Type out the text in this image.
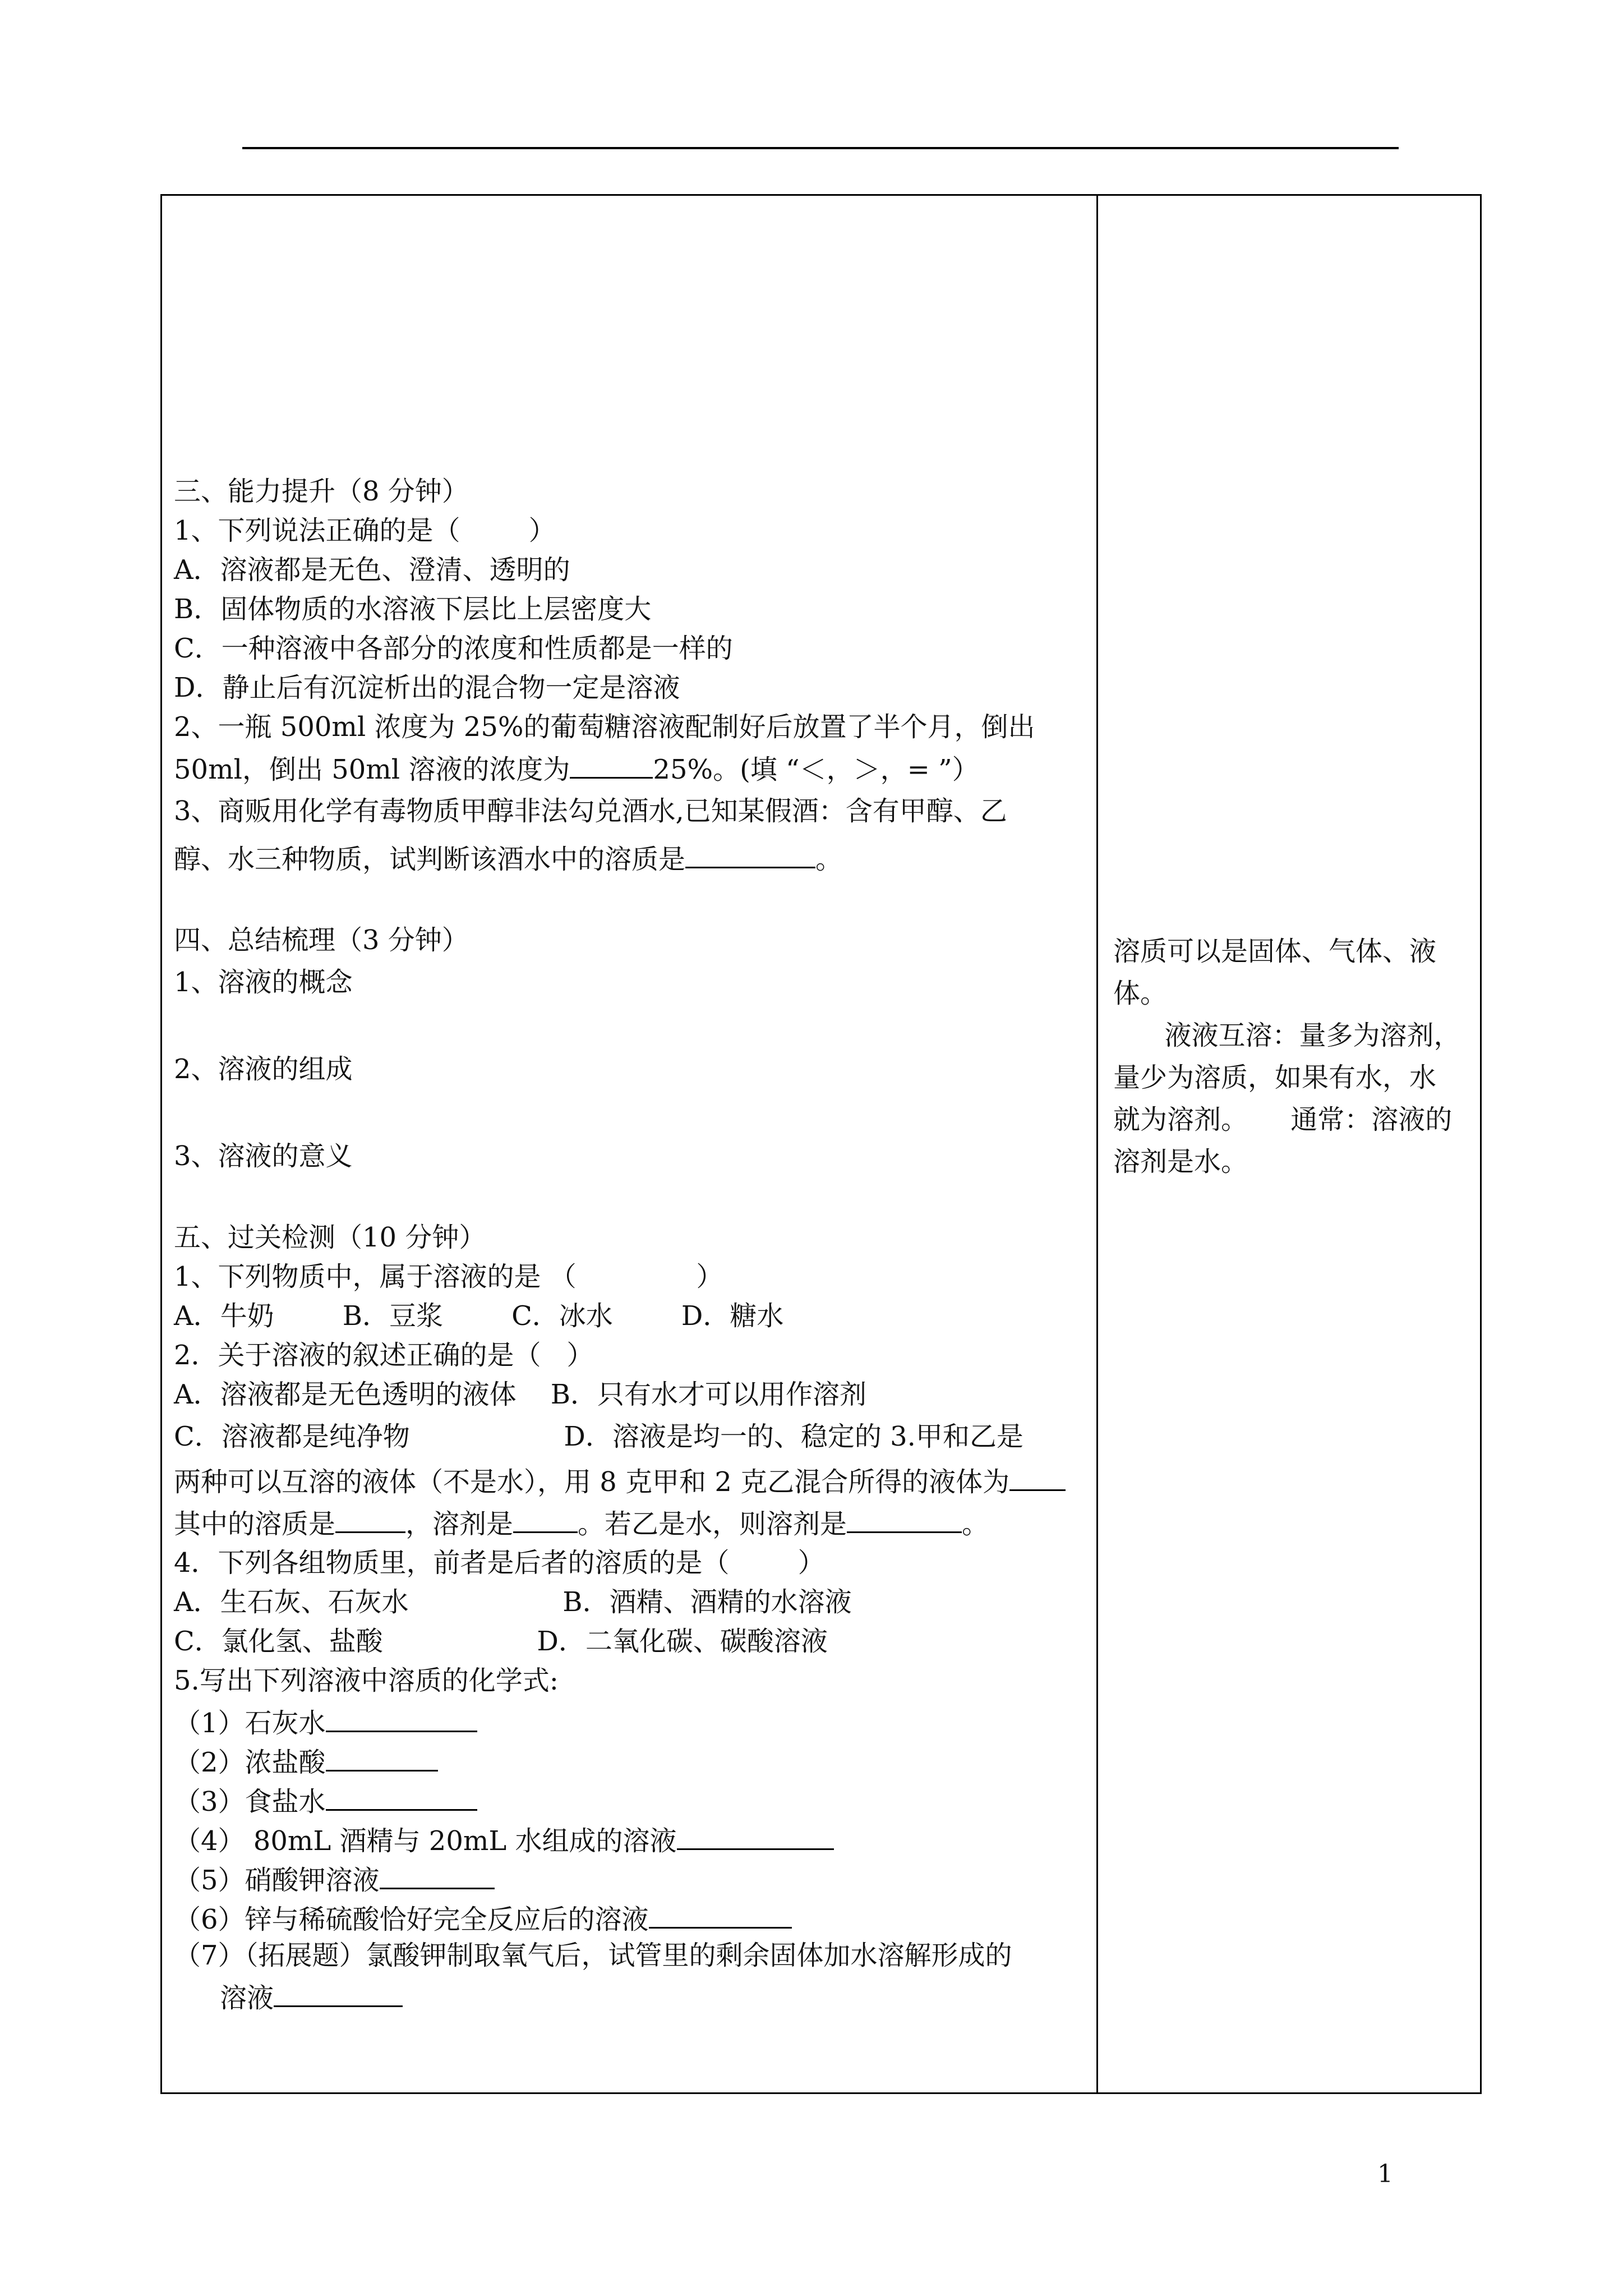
三、能力提升（8 分钟）
1、下列说法正确的是（        ）
A．溶液都是无色、澄清、透明的
B．固体物质的水溶液下层比上层密度大
C．一种溶液中各部分的浓度和性质都是一样的
D．静止后有沉淀析出的混合物一定是溶液
2、一瓶 500ml 浓度为 25%的葡萄糖溶液配制好后放置了半个月，倒出
50ml，倒出 50ml 溶液的浓度为	25%。(填 “＜，＞，= ”）
3、商贩用化学有毒物质甲醇非法勾兑酒水,已知某假酒：含有甲醇、乙
醇、水三种物质，试判断该酒水中的溶质是	。
四、总结梳理（3 分钟）
1、溶液的概念
2、溶液的组成
3、溶液的意义
五、过关检测（10 分钟）
1、下列物质中，属于溶液的是 （              ）
A．牛奶        B．豆浆        C．冰水        D．糖水
2．关于溶液的叙述正确的是（   ）
A．溶液都是无色透明的液体    B．只有水才可以用作溶剂
C．溶液都是纯净物                  D．溶液是均一的、稳定的 3.甲和乙是
两种可以互溶的液体（不是水），用 8 克甲和 2 克乙混合所得的液体为
其中的溶质是	，溶剂是 。若乙是水，则溶剂是	。
4．下列各组物质里，前者是后者的溶质的是（        ）
A．生石灰、石灰水                  B．酒精、酒精的水溶液
C．氯化氢、盐酸                  D．二氧化碳、碳酸溶液
5.写出下列溶液中溶质的化学式:
（1）石灰水
（2）浓盐酸
（3）食盐水
（4） 80mL 酒精与 20mL 水组成的溶液
（5）硝酸钾溶液
（6）锌与稀硫酸恰好完全反应后的溶液
（7）（拓展题）氯酸钾制取氧气后，试管里的剩余固体加水溶解形成的
溶液
溶质可以是固体、气体、液
体。
液液互溶：量多为溶剂，
量少为溶质，如果有水，水
就为溶剂。     通常：溶液的
溶剂是水。
1
